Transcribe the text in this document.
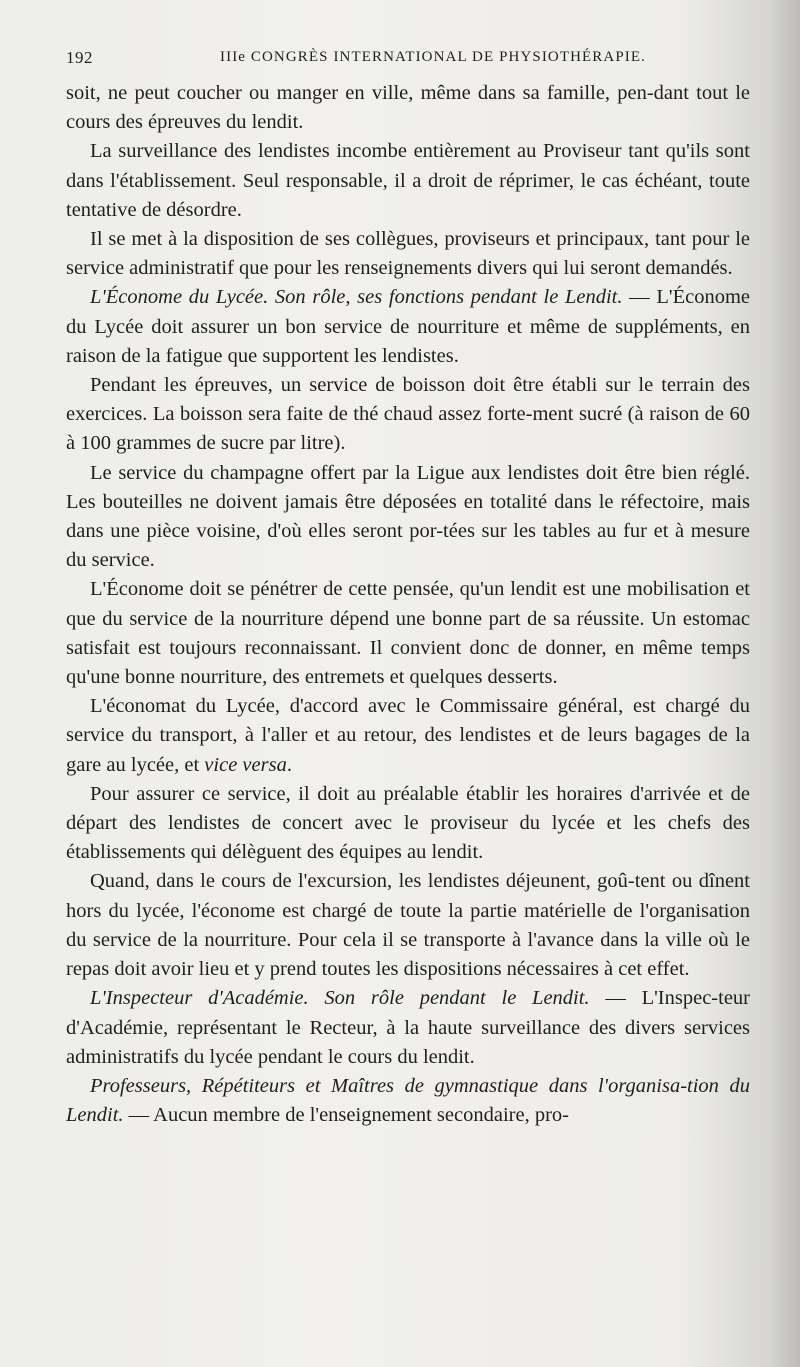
192	IIIe CONGRÈS INTERNATIONAL DE PHYSIOTHÉRAPIE.

soit, ne peut coucher ou manger en ville, même dans sa famille, pen-dant tout le cours des épreuves du lendit.

La surveillance des lendistes incombe entièrement au Proviseur tant qu'ils sont dans l'établissement. Seul responsable, il a droit de réprimer, le cas échéant, toute tentative de désordre.

Il se met à la disposition de ses collègues, proviseurs et principaux, tant pour le service administratif que pour les renseignements divers qui lui seront demandés.

L'Économe du Lycée. Son rôle, ses fonctions pendant le Lendit. — L'Économe du Lycée doit assurer un bon service de nourriture et même de suppléments, en raison de la fatigue que supportent les lendistes.

Pendant les épreuves, un service de boisson doit être établi sur le terrain des exercices. La boisson sera faite de thé chaud assez forte-ment sucré (à raison de 60 à 100 grammes de sucre par litre).

Le service du champagne offert par la Ligue aux lendistes doit être bien réglé. Les bouteilles ne doivent jamais être déposées en totalité dans le réfectoire, mais dans une pièce voisine, d'où elles seront por-tées sur les tables au fur et à mesure du service.

L'Économe doit se pénétrer de cette pensée, qu'un lendit est une mobilisation et que du service de la nourriture dépend une bonne part de sa réussite. Un estomac satisfait est toujours reconnaissant. Il convient donc de donner, en même temps qu'une bonne nourriture, des entremets et quelques desserts.

L'économat du Lycée, d'accord avec le Commissaire général, est chargé du service du transport, à l'aller et au retour, des lendistes et de leurs bagages de la gare au lycée, et vice versa.

Pour assurer ce service, il doit au préalable établir les horaires d'arrivée et de départ des lendistes de concert avec le proviseur du lycée et les chefs des établissements qui délèguent des équipes au lendit.

Quand, dans le cours de l'excursion, les lendistes déjeunent, goû-tent ou dînent hors du lycée, l'économe est chargé de toute la partie matérielle de l'organisation du service de la nourriture. Pour cela il se transporte à l'avance dans la ville où le repas doit avoir lieu et y prend toutes les dispositions nécessaires à cet effet.

L'Inspecteur d'Académie. Son rôle pendant le Lendit. — L'Inspec-teur d'Académie, représentant le Recteur, à la haute surveillance des divers services administratifs du lycée pendant le cours du lendit.

Professeurs, Répétiteurs et Maîtres de gymnastique dans l'organisa-tion du Lendit. — Aucun membre de l'enseignement secondaire, pro-
